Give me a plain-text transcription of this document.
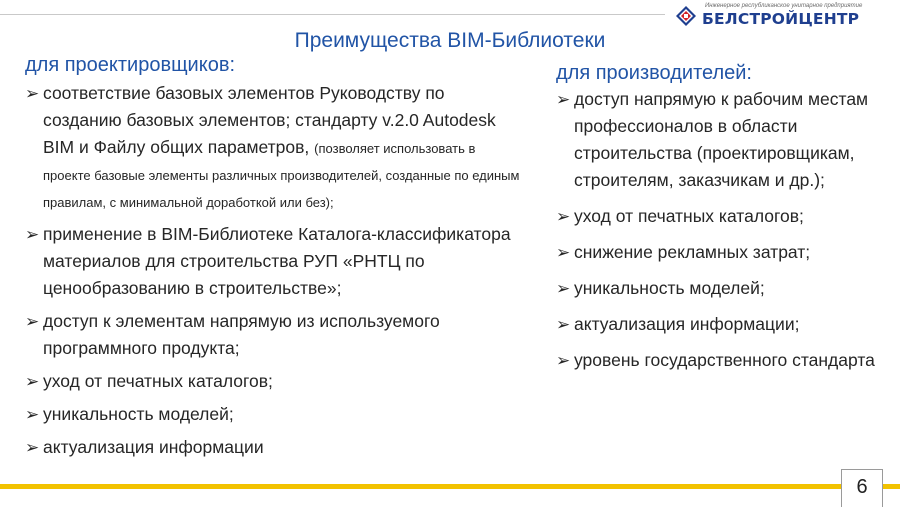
Инженерное республиканское унитарное предприятие
БЕЛСТРОЙЦЕНТР
Преимущества BIM-Библиотеки
для проектировщиков:	для производителей:
➢ соответствие базовых элементов Руководству по созданию базовых элементов; стандарту v.2.0 Autodesk BIM и Файлу общих параметров, (позволяет использовать в проекте базовые элементы различных производителей, созданные по единым правилам, с минимальной доработкой или без);
➢ применение в BIM-Библиотеке Каталога-классификатора материалов для строительства РУП «РНТЦ по ценообразованию в строительстве»;
➢ доступ к элементам напрямую из используемого программного продукта;
➢ уход от печатных каталогов;
➢ уникальность моделей;
➢ актуализация информации
➢ доступ напрямую к рабочим местам профессионалов в области строительства (проектировщикам, строителям, заказчикам и др.);
➢ уход от печатных каталогов;
➢ снижение рекламных затрат;
➢ уникальность моделей;
➢ актуализация информации;
➢ уровень государственного стандарта
6
